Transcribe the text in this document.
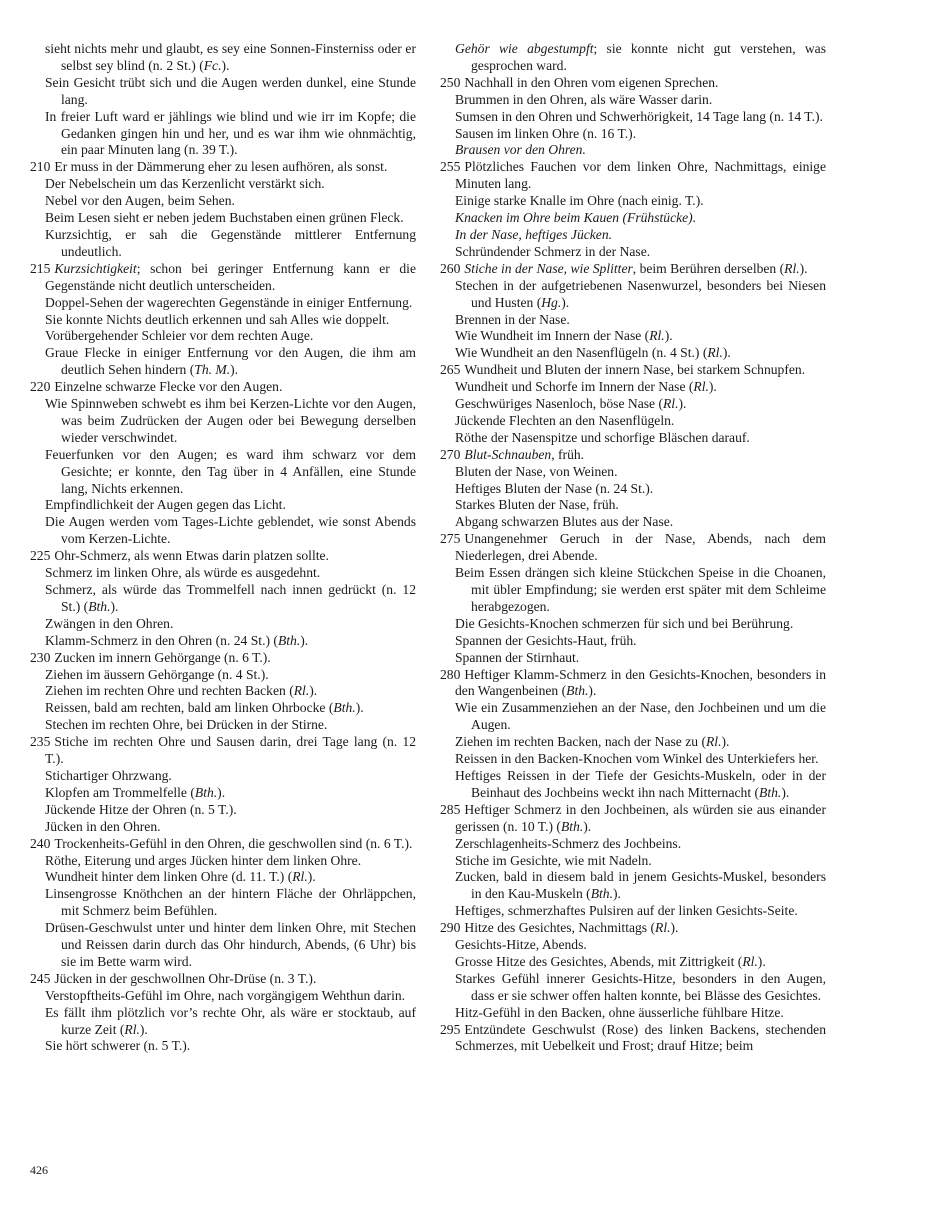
sieht nichts mehr und glaubt, es sey eine Sonnen-Finsterniss oder er selbst sey blind (n. 2 St.) (Fc.).
Sein Gesicht trübt sich und die Augen werden dunkel, eine Stunde lang.
In freier Luft ward er jählings wie blind und wie irr im Kopfe; die Gedanken gingen hin und her, und es war ihm wie ohnmächtig, ein paar Minuten lang (n. 39 T.).
210 Er muss in der Dämmerung eher zu lesen aufhören, als sonst.
Der Nebelschein um das Kerzenlicht verstärkt sich.
Nebel vor den Augen, beim Sehen.
Beim Lesen sieht er neben jedem Buchstaben einen grünen Fleck.
Kurzsichtig, er sah die Gegenstände mittlerer Entfernung undeutlich.
215 Kurzsichtigkeit; schon bei geringer Entfernung kann er die Gegenstände nicht deutlich unterscheiden.
Doppel-Sehen der wagerechten Gegenstände in einiger Entfernung.
Sie konnte Nichts deutlich erkennen und sah Alles wie doppelt.
Vorübergehender Schleier vor dem rechten Auge.
Graue Flecke in einiger Entfernung vor den Augen, die ihm am deutlich Sehen hindern (Th. M.).
220 Einzelne schwarze Flecke vor den Augen.
Wie Spinnweben schwebt es ihm bei Kerzen-Lichte vor den Augen, was beim Zudrücken der Augen oder bei Bewegung derselben wieder verschwindet.
Feuerfunken vor den Augen; es ward ihm schwarz vor dem Gesichte; er konnte, den Tag über in 4 Anfällen, eine Stunde lang, Nichts erkennen.
Empfindlichkeit der Augen gegen das Licht.
Die Augen werden vom Tages-Lichte geblendet, wie sonst Abends vom Kerzen-Lichte.
225 Ohr-Schmerz, als wenn Etwas darin platzen sollte.
Schmerz im linken Ohre, als würde es ausgedehnt.
Schmerz, als würde das Trommelfell nach innen gedrückt (n. 12 St.) (Bth.).
Zwängen in den Ohren.
Klamm-Schmerz in den Ohren (n. 24 St.) (Bth.).
230 Zucken im innern Gehörgange (n. 6 T.).
Ziehen im äussern Gehörgange (n. 4 St.).
Ziehen im rechten Ohre und rechten Backen (Rl.).
Reissen, bald am rechten, bald am linken Ohrbocke (Bth.).
Stechen im rechten Ohre, bei Drücken in der Stirne.
235 Stiche im rechten Ohre und Sausen darin, drei Tage lang (n. 12 T.).
Stichartiger Ohrzwang.
Klopfen am Trommelfelle (Bth.).
Jückende Hitze der Ohren (n. 5 T.).
Jücken in den Ohren.
240 Trockenheits-Gefühl in den Ohren, die geschwollen sind (n. 6 T.).
Röthe, Eiterung und arges Jücken hinter dem linken Ohre.
Wundheit hinter dem linken Ohre (d. 11. T.) (Rl.).
Linsengrosse Knöthchen an der hintern Fläche der Ohrläppchen, mit Schmerz beim Befühlen.
Drüsen-Geschwulst unter und hinter dem linken Ohre, mit Stechen und Reissen darin durch das Ohr hindurch, Abends, (6 Uhr) bis sie im Bette warm wird.
245 Jücken in der geschwollnen Ohr-Drüse (n. 3 T.).
Verstopftheits-Gefühl im Ohre, nach vorgängigem Wehthun darin.
Es fällt ihm plötzlich vor’s rechte Ohr, als wäre er stocktaub, auf kurze Zeit (Rl.).
Sie hört schwerer (n. 5 T.).
Gehör wie abgestumpft; sie konnte nicht gut verstehen, was gesprochen ward.
250 Nachhall in den Ohren vom eigenen Sprechen.
Brummen in den Ohren, als wäre Wasser darin.
Sumsen in den Ohren und Schwerhörigkeit, 14 Tage lang (n. 14 T.).
Sausen im linken Ohre (n. 16 T.).
Brausen vor den Ohren.
255 Plötzliches Fauchen vor dem linken Ohre, Nachmittags, einige Minuten lang.
Einige starke Knalle im Ohre (nach einig. T.).
Knacken im Ohre beim Kauen (Frühstücke).
In der Nase, heftiges Jücken.
Schründender Schmerz in der Nase.
260 Stiche in der Nase, wie Splitter, beim Berühren derselben (Rl.).
Stechen in der aufgetriebenen Nasenwurzel, besonders bei Niesen und Husten (Hg.).
Brennen in der Nase.
Wie Wundheit im Innern der Nase (Rl.).
Wie Wundheit an den Nasenflügeln (n. 4 St.) (Rl.).
265 Wundheit und Bluten der innern Nase, bei starkem Schnupfen.
Wundheit und Schorfe im Innern der Nase (Rl.).
Geschwüriges Nasenloch, böse Nase (Rl.).
Jückende Flechten an den Nasenflügeln.
Röthe der Nasenspitze und schorfige Bläschen darauf.
270 Blut-Schnauben, früh.
Bluten der Nase, von Weinen.
Heftiges Bluten der Nase (n. 24 St.).
Starkes Bluten der Nase, früh.
Abgang schwarzen Blutes aus der Nase.
275 Unangenehmer Geruch in der Nase, Abends, nach dem Niederlegen, drei Abende.
Beim Essen drängen sich kleine Stückchen Speise in die Choanen, mit übler Empfindung; sie werden erst später mit dem Schleime herabgezogen.
Die Gesichts-Knochen schmerzen für sich und bei Berührung.
Spannen der Gesichts-Haut, früh.
Spannen der Stirnhaut.
280 Heftiger Klamm-Schmerz in den Gesichts-Knochen, besonders in den Wangenbeinen (Bth.).
Wie ein Zusammenziehen an der Nase, den Jochbeinen und um die Augen.
Ziehen im rechten Backen, nach der Nase zu (Rl.).
Reissen in den Backen-Knochen vom Winkel des Unterkiefers her.
Heftiges Reissen in der Tiefe der Gesichts-Muskeln, oder in der Beinhaut des Jochbeins weckt ihn nach Mitternacht (Bth.).
285 Heftiger Schmerz in den Jochbeinen, als würden sie aus einander gerissen (n. 10 T.) (Bth.).
Zerschlagenheits-Schmerz des Jochbeins.
Stiche im Gesichte, wie mit Nadeln.
Zucken, bald in diesem bald in jenem Gesichts-Muskel, besonders in den Kau-Muskeln (Bth.).
Heftiges, schmerzhaftes Pulsiren auf der linken Gesichts-Seite.
290 Hitze des Gesichtes, Nachmittags (Rl.).
Gesichts-Hitze, Abends.
Grosse Hitze des Gesichtes, Abends, mit Zittrigkeit (Rl.).
Starkes Gefühl innerer Gesichts-Hitze, besonders in den Augen, dass er sie schwer offen halten konnte, bei Blässe des Gesichtes.
Hitz-Gefühl in den Backen, ohne äusserliche fühlbare Hitze.
295 Entzündete Geschwulst (Rose) des linken Backens, stechenden Schmerzes, mit Uebelkeit und Frost; drauf Hitze; beim
426
